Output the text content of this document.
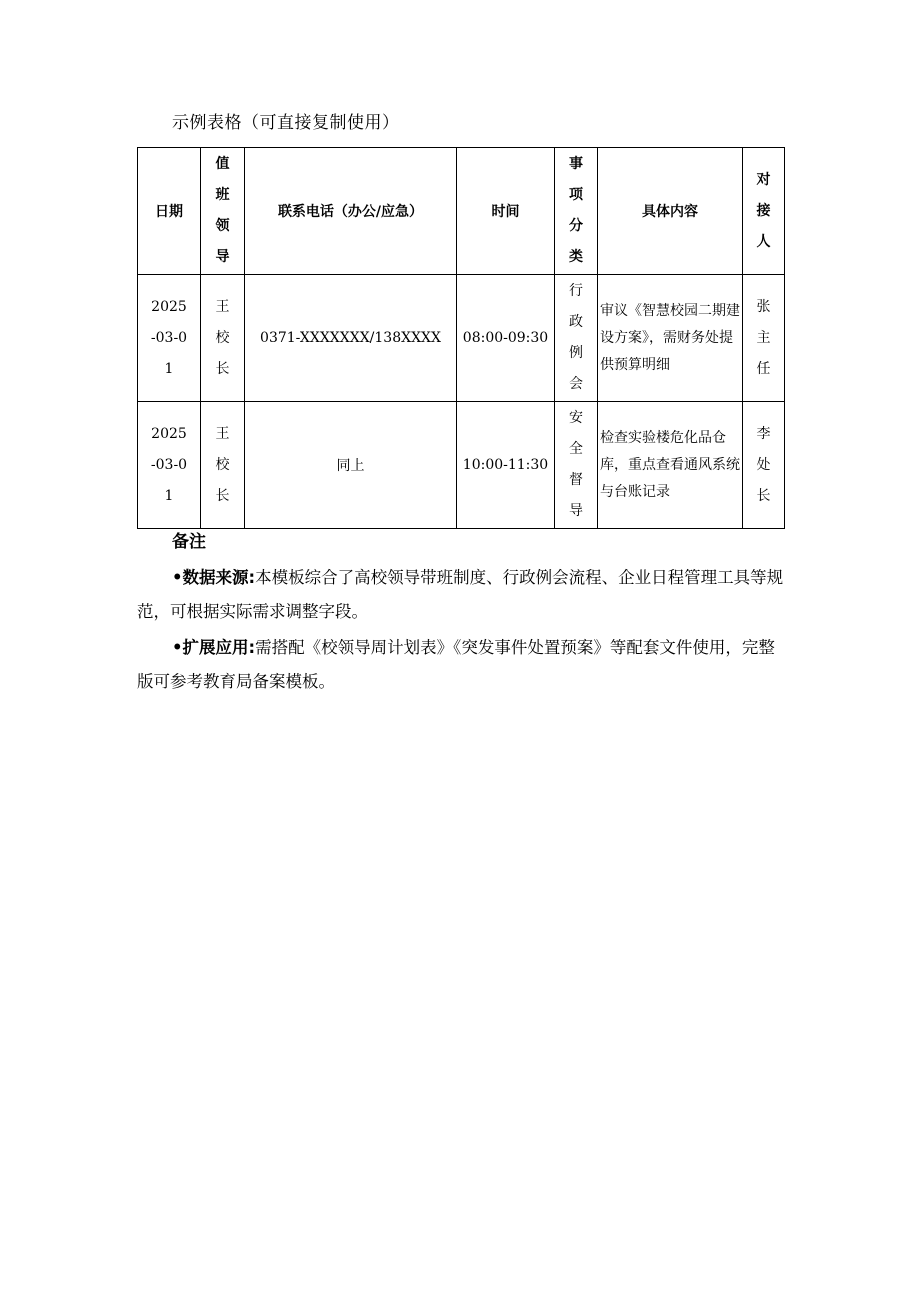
示例表格（可直接复制使用）
日期	值班领导	联系电话（办公/应急）	时间	事项分类	具体内容	对接人

2025-03-01	王校长	0371-XXXXXXX/138XXXX	08:00-09:30	行政例会	审议《智慧校园二期建设方案》，需财务处提供预算明细	张主任

2025-03-01	王校长	同上	10:00-11:30	安全督导	检查实验楼危化品仓库，重点查看通风系统与台账记录	李处长
备注
•数据来源:本模板综合了高校领导带班制度、行政例会流程、企业日程管理工具等规范，可根据实际需求调整字段。
•扩展应用:需搭配《校领导周计划表》《突发事件处置预案》等配套文件使用，完整版可参考教育局备案模板。
